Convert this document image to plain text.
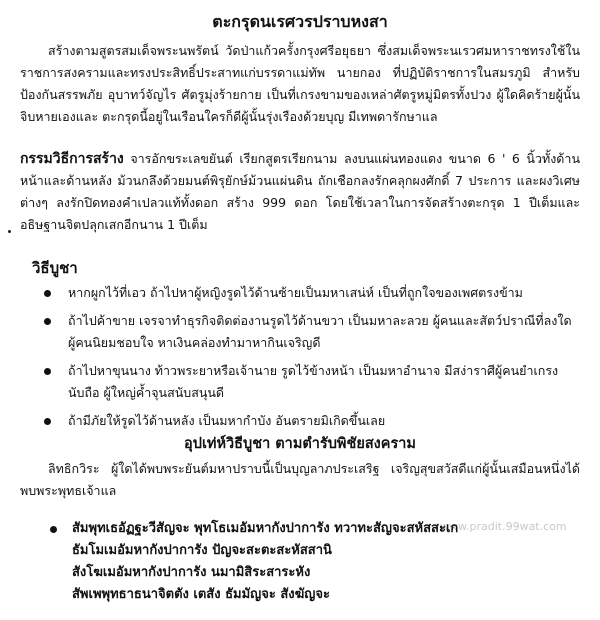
ตะกรุดนเรศวรปราบหงสา
สร้างตามสูตรสมเด็จพระนพรัตน์ วัดป่าแก้วครั้งกรุงศรีอยุธยา ซึ่งสมเด็จพระนเรวศมหาราชทรงใช้ในราชการสงครามและทรงประสิทธิ์ประสาทแก่บรรดาแม่ทัพ นายกอง ที่ปฏิบัติราชการในสมรภูมิ สำหรับป้องกันสรรพภัย อุบาทว์จัญไร ศัตรูมุ่งร้ายกาย เป็นที่เกรงขามของเหล่าศัตรูหมู่มิตรทั้งปวง ผู้ใดคิดร้ายผู้นั้นจิบหายเองและ ตะกรุดนี้อยู่ในเรือนใครก็ดีผู้นั้นรุ่งเรืองด้วยบุญ มีเทพดารักษาแล
กรรมวิธีการสร้าง จารอักขระเลขยันต์ เรียกสูตรเรียกนาม ลงบนแผ่นทองแดง ขนาด 6 ' 6 นิ้วทั้งด้านหน้าและด้านหลัง ม้วนกลึงด้วยมนต์พิรุยักษ์ม้วนแผ่นดิน ถักเชือกลงรักคลุกผงศักดิ์ 7 ประการ และผงวิเศษต่างๆ ลงรักปิดทองคำเปลวแท้ทั้งดอก สร้าง 999 ดอก โดยใช้เวลาในการจัดสร้างตะกรุด 1 ปีเต็มและอธิษฐานจิตปลุกเสกอีกนาน 1 ปีเต็ม
วิธีบูชา
หากผูกไว้ที่เอว ถ้าไปหาผู้หญิงรูดไว้ด้านซ้ายเป็นมหาเสน่ห์ เป็นที่ถูกใจของเพศตรงข้าม
ถ้าไปค้าขาย เจรจาทำธุรกิจติดต่องานรูดไว้ด้านขวา เป็นมหาละลวย ผู้คนและสัตว์ปราณีที่ลงใดผู้คนนิยมชอบใจ หาเงินคล่องทำมาหากินเจริญดี
ถ้าไปหาขุนนาง ท้าวพระยาหรือเจ้านาย รูดไว้ข้างหน้า เป็นมหาอำนาจ มีสง่าราศีผู้คนยำเกรงนับถือ ผู้ใหญ่ค้ำจุนสนับสนุนดี
ถ้ามีภัยให้รูดไว้ด้านหลัง เป็นมหากำบัง อันตรายมิเกิดขึ้นเลย
อุปเท่ห์วิธีบูชา ตามตำรับพิชัยสงคราม
ลิทธิกวิระ ผู้ใดได้พบพระยันต์มหาปราบนี้เป็นบุญลาภประเสริฐ เจริญสุขสวัสดีแก่ผู้นั้นเสมือนหนึ่งได้พบพระพุทธเจ้าแล
www.pradit.99wat.com
สัมพุทเธอัฏฐะวีสัญจะ พุทโธเมอัมหากังปาการัง ทวาทะสัญจะสหัสสะเก
ธัมโมเมอัมหากังปาการัง ปัญจะสะตะสะหัสสานิ
สังโฆเมอัมหากังปาการัง นมามิสิระสาระหัง
สัพเพพุทธาธนาจิตตัง เตสัง ธัมมัญจะ สังฆัญจะ
